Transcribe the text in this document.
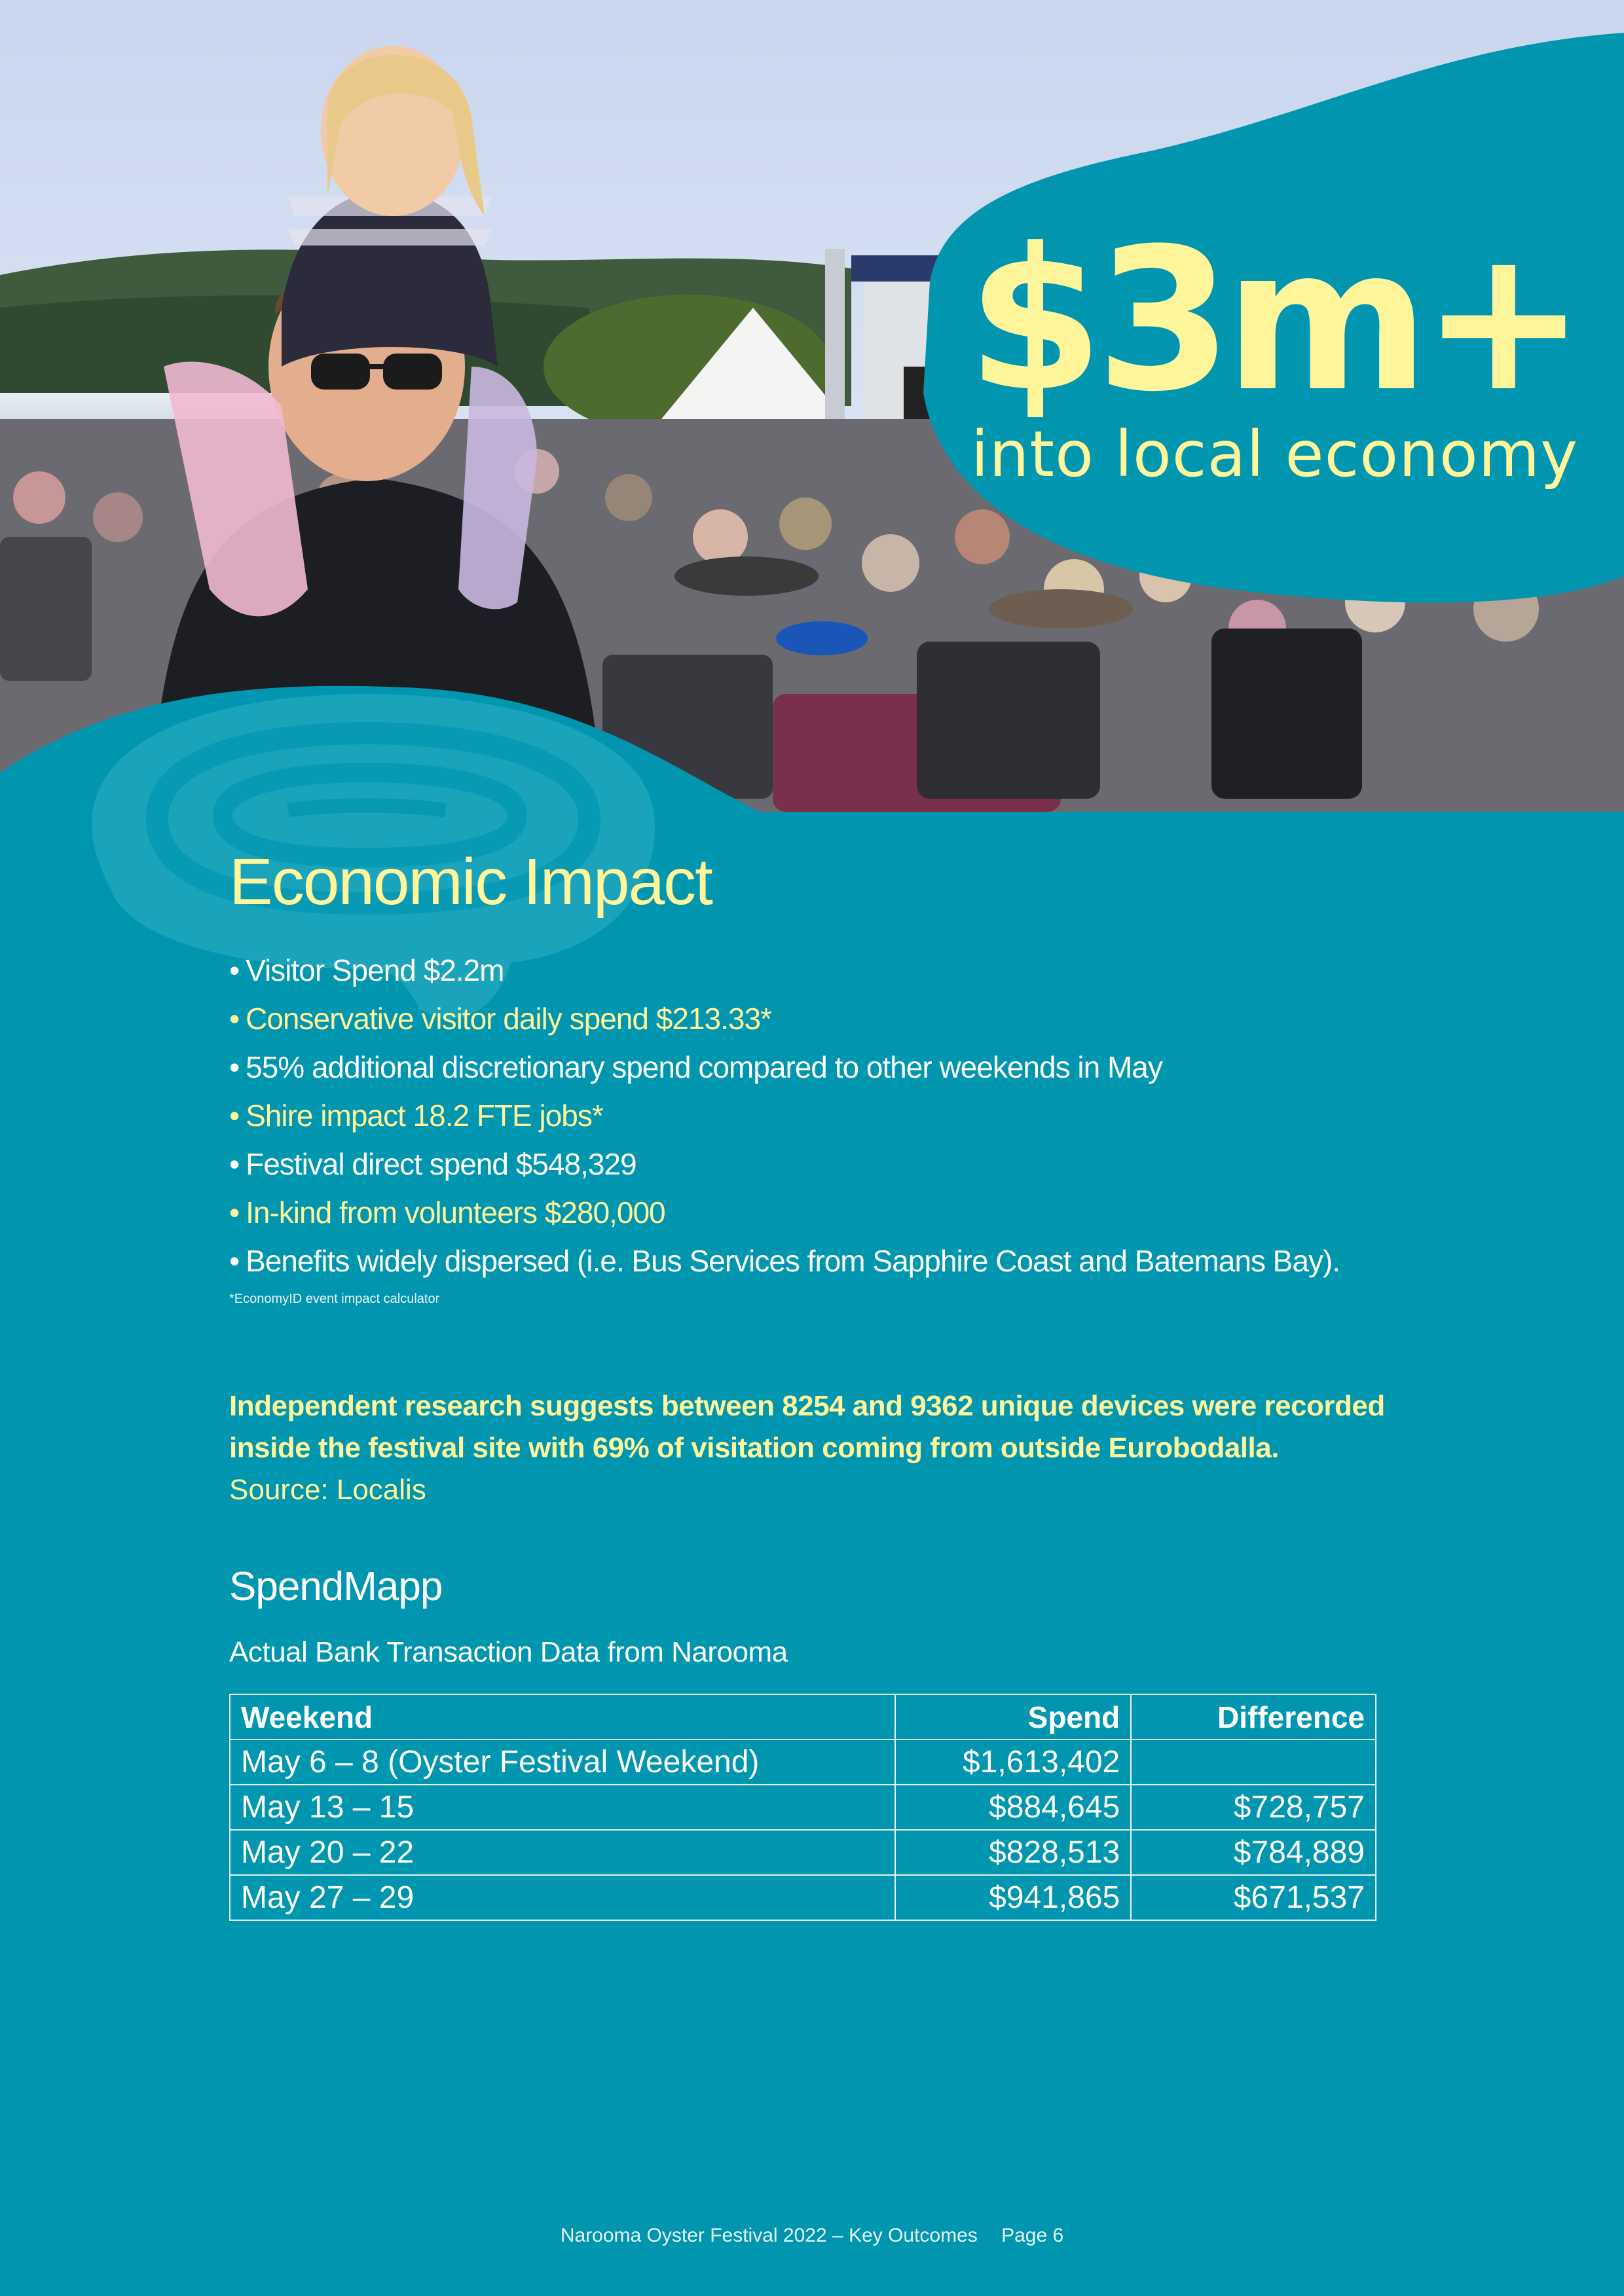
$3m+
into local economy
Economic Impact
• Visitor Spend $2.2m
• Conservative visitor daily spend $213.33*
• 55% additional discretionary spend compared to other weekends in May
• Shire impact 18.2 FTE jobs*
• Festival direct spend $548,329
• In-kind from volunteers $280,000
• Benefits widely dispersed (i.e. Bus Services from Sapphire Coast and Batemans Bay).
*EconomyID event impact calculator
Independent research suggests between 8254 and 9362 unique devices were recorded
inside the festival site with 69% of visitation coming from outside Eurobodalla.
Source: Localis
SpendMapp
Actual Bank Transaction Data from Narooma
Weekend	Spend	Difference
May 6 – 8 (Oyster Festival Weekend)	$1,613,402	
May 13 – 15	$884,645	$728,757
May 20 – 22	$828,513	$784,889
May 27 – 29	$941,865	$671,537
Narooma Oyster Festival 2022 – Key Outcomes Page 6
